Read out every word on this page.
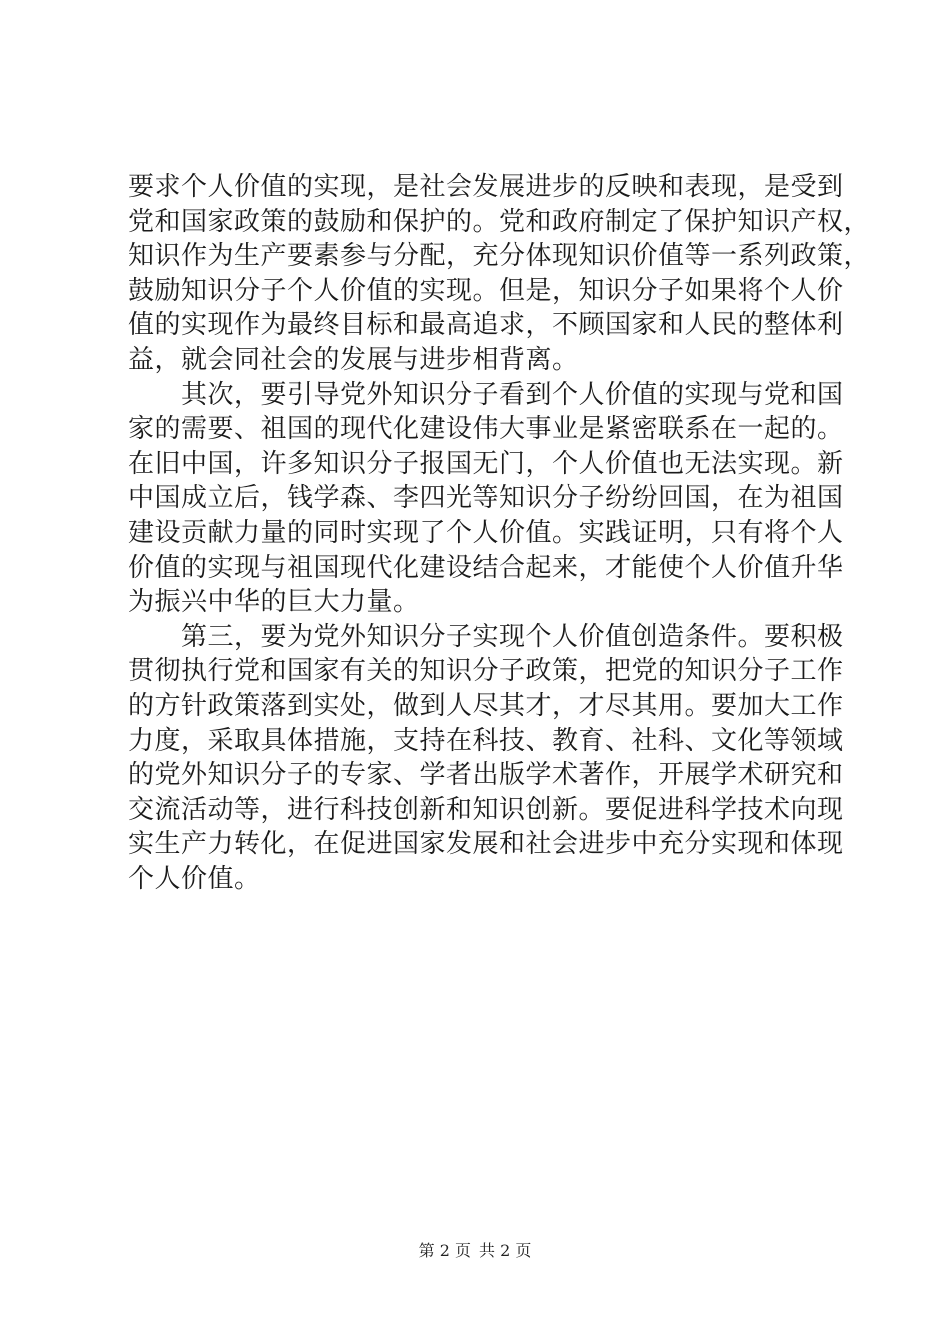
要求个人价值的实现，是社会发展进步的反映和表现，是受到
党和国家政策的鼓励和保护的。党和政府制定了保护知识产权，
知识作为生产要素参与分配，充分体现知识价值等一系列政策，
鼓励知识分子个人价值的实现。但是，知识分子如果将个人价
值的实现作为最终目标和最高追求，不顾国家和人民的整体利
益，就会同社会的发展与进步相背离。
　　其次，要引导党外知识分子看到个人价值的实现与党和国
家的需要、祖国的现代化建设伟大事业是紧密联系在一起的。
在旧中国，许多知识分子报国无门，个人价值也无法实现。新
中国成立后，钱学森、李四光等知识分子纷纷回国，在为祖国
建设贡献力量的同时实现了个人价值。实践证明，只有将个人
价值的实现与祖国现代化建设结合起来，才能使个人价值升华
为振兴中华的巨大力量。
　　第三，要为党外知识分子实现个人价值创造条件。要积极
贯彻执行党和国家有关的知识分子政策，把党的知识分子工作
的方针政策落到实处，做到人尽其才，才尽其用。要加大工作
力度，采取具体措施，支持在科技、教育、社科、文化等领域
的党外知识分子的专家、学者出版学术著作，开展学术研究和
交流活动等，进行科技创新和知识创新。要促进科学技术向现
实生产力转化，在促进国家发展和社会进步中充分实现和体现
个人价值。
第 2 页 共 2 页
